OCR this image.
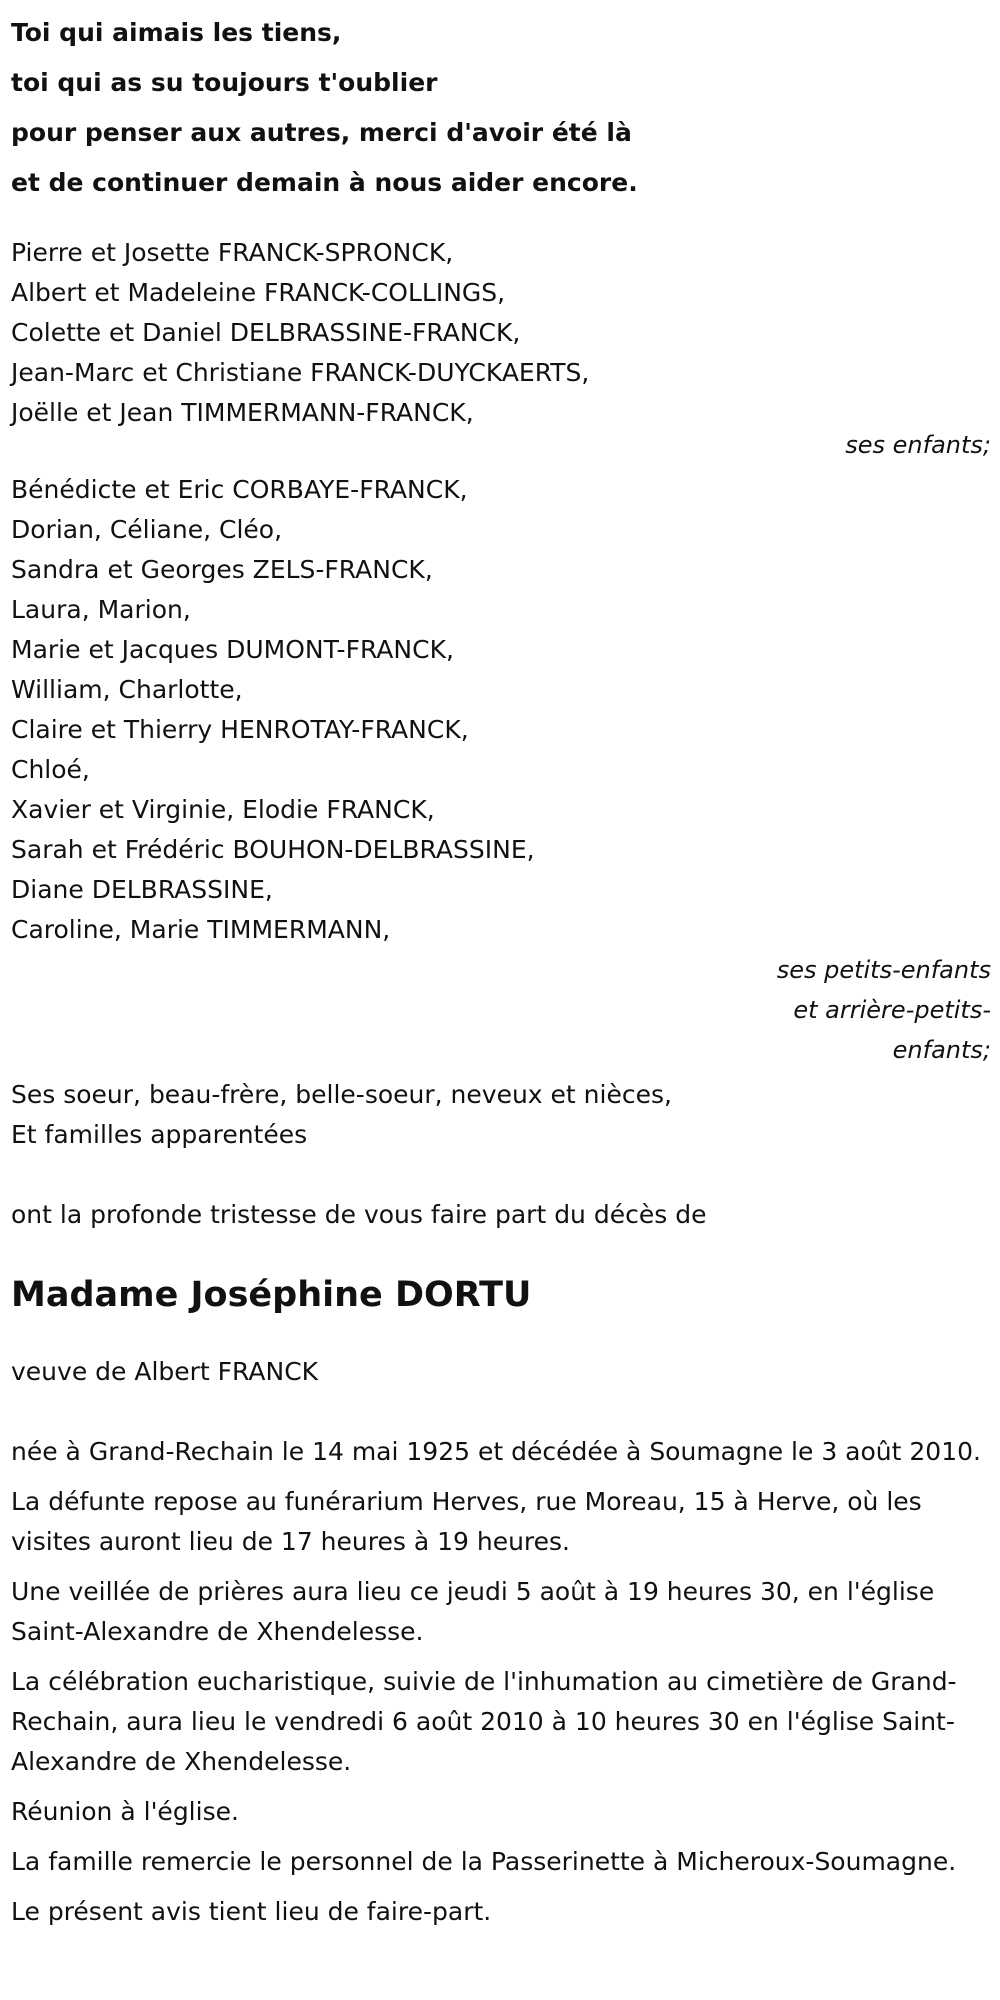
Toi qui aimais les tiens,

toi qui as su toujours t'oublier

pour penser aux autres, merci d'avoir été là

et de continuer demain à nous aider encore.

Pierre et Josette FRANCK-SPRONCK,

Albert et Madeleine FRANCK-COLLINGS,

Colette et Daniel DELBRASSINE-FRANCK,

Jean-Marc et Christiane FRANCK-DUYCKAERTS,

Joëlle et Jean TIMMERMANN-FRANCK,

ses enfants;

Bénédicte et Eric CORBAYE-FRANCK,

Dorian, Céliane, Cléo,

Sandra et Georges ZELS-FRANCK,

Laura, Marion,

Marie et Jacques DUMONT-FRANCK,

William, Charlotte,

Claire et Thierry HENROTAY-FRANCK,

Chloé,

Xavier et Virginie, Elodie FRANCK,

Sarah et Frédéric BOUHON-DELBRASSINE,

Diane DELBRASSINE,

Caroline, Marie TIMMERMANN,

ses petits-enfants

et arrière-petits-

enfants;

Ses soeur, beau-frère, belle-soeur, neveux et nièces,

Et familles apparentées

ont la profonde tristesse de vous faire part du décès de

Madame Joséphine DORTU

veuve de Albert FRANCK

née à Grand-Rechain le 14 mai 1925 et décédée à Soumagne le 3 août 2010.

La défunte repose au funérarium Herves, rue Moreau, 15 à Herve, où les visites auront lieu de 17 heures à 19 heures.

Une veillée de prières aura lieu ce jeudi 5 août à 19 heures 30, en l'église Saint-Alexandre de Xhendelesse.

La célébration eucharistique, suivie de l'inhumation au cimetière de Grand-Rechain, aura lieu le vendredi 6 août 2010 à 10 heures 30 en l'église Saint-Alexandre de Xhendelesse.

Réunion à l'église.

La famille remercie le personnel de la Passerinette à Micheroux-Soumagne.

Le présent avis tient lieu de faire-part.
